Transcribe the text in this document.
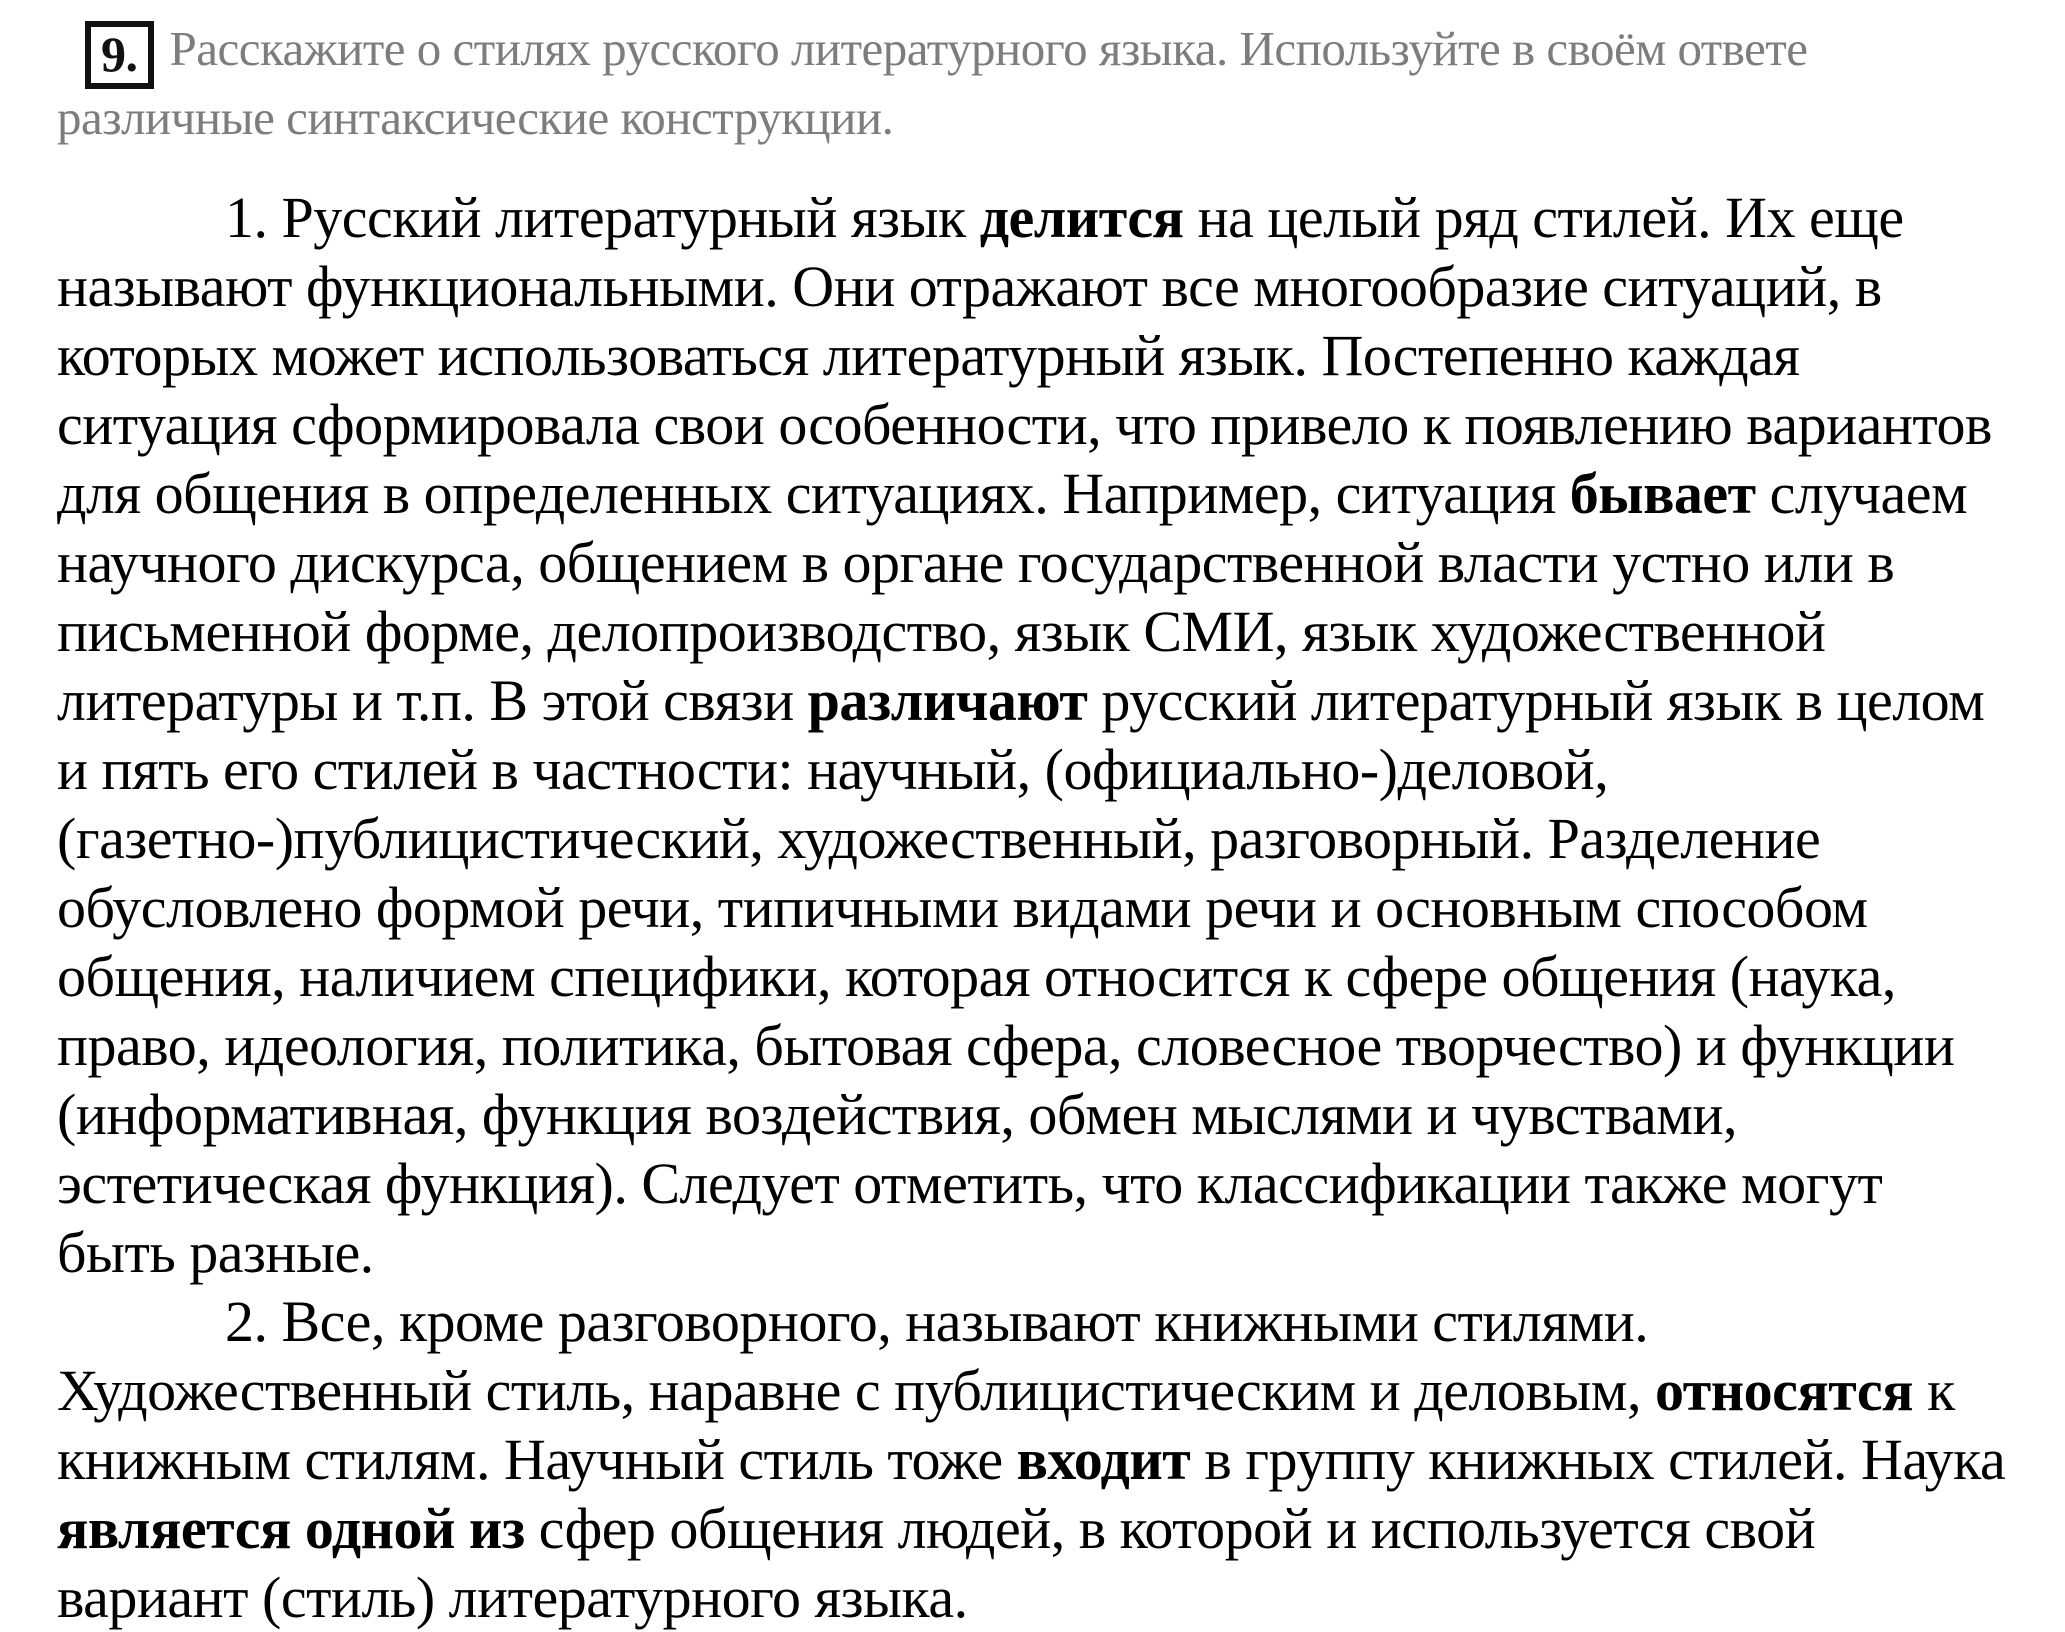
9. Расскажите о стилях русского литературного языка. Используйте в своём ответе различные синтаксические конструкции.

1. Русский литературный язык делится на целый ряд стилей. Их еще называют функциональными. Они отражают все многообразие ситуаций, в которых может использоваться литературный язык. Постепенно каждая ситуация сформировала свои особенности, что привело к появлению вариантов для общения в определенных ситуациях. Например, ситуация бывает случаем научного дискурса, общением в органе государственной власти устно или в письменной форме, делопроизводство, язык СМИ, язык художественной литературы и т.п. В этой связи различают русский литературный язык в целом и пять его стилей в частности: научный, (официально-)деловой, (газетно-)публицистический, художественный, разговорный. Разделение обусловлено формой речи, типичными видами речи и основным способом общения, наличием специфики, которая относится к сфере общения (наука, право, идеология, политика, бытовая сфера, словесное творчество) и функции (информативная, функция воздействия, обмен мыслями и чувствами, эстетическая функция). Следует отметить, что классификации также могут быть разные.

2. Все, кроме разговорного, называют книжными стилями. Художественный стиль, наравне с публицистическим и деловым, относятся к книжным стилям. Научный стиль тоже входит в группу книжных стилей. Наука является одной из сфер общения людей, в которой и используется свой вариант (стиль) литературного языка.
